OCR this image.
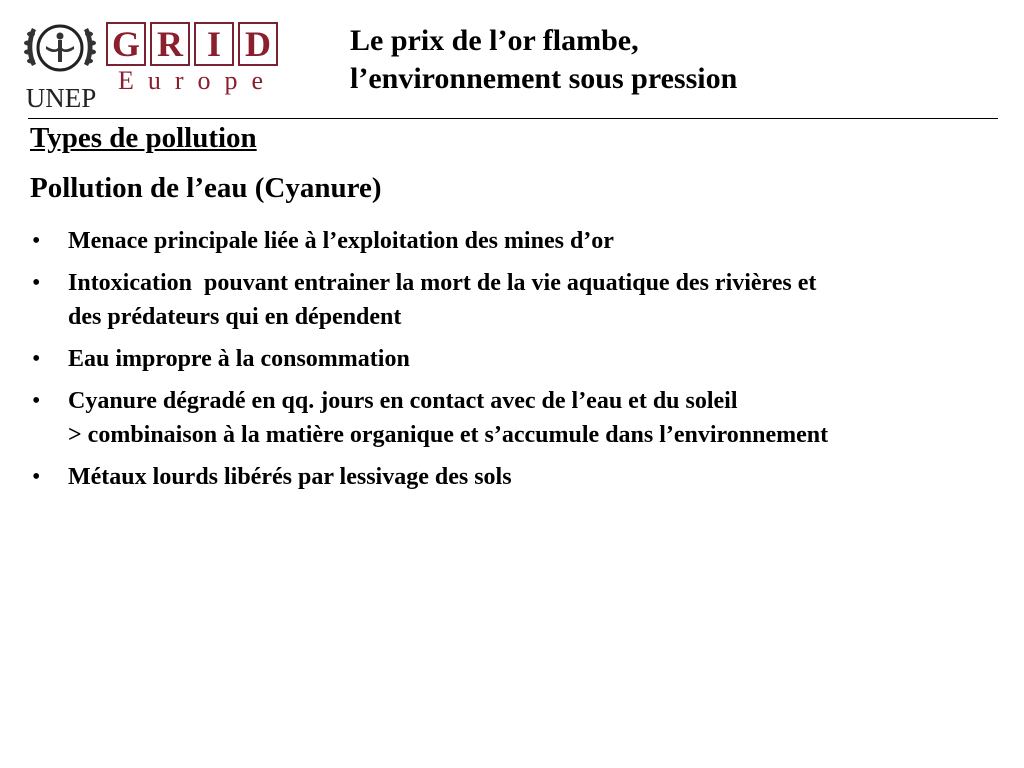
UNEP
G R I D
Europe
Le prix de l’or flambe,
l’environnement sous pression
Types de pollution
Pollution de l’eau (Cyanure)
•	Menace principale liée à l’exploitation des mines d’or
•	Intoxication  pouvant entrainer la mort de la vie aquatique des rivières et
des prédateurs qui en dépendent
•	Eau impropre à la consommation
•	Cyanure dégradé en qq. jours en contact avec de l’eau et du soleil
> combinaison à la matière organique et s’accumule dans l’environnement
•	Métaux lourds libérés par lessivage des sols
